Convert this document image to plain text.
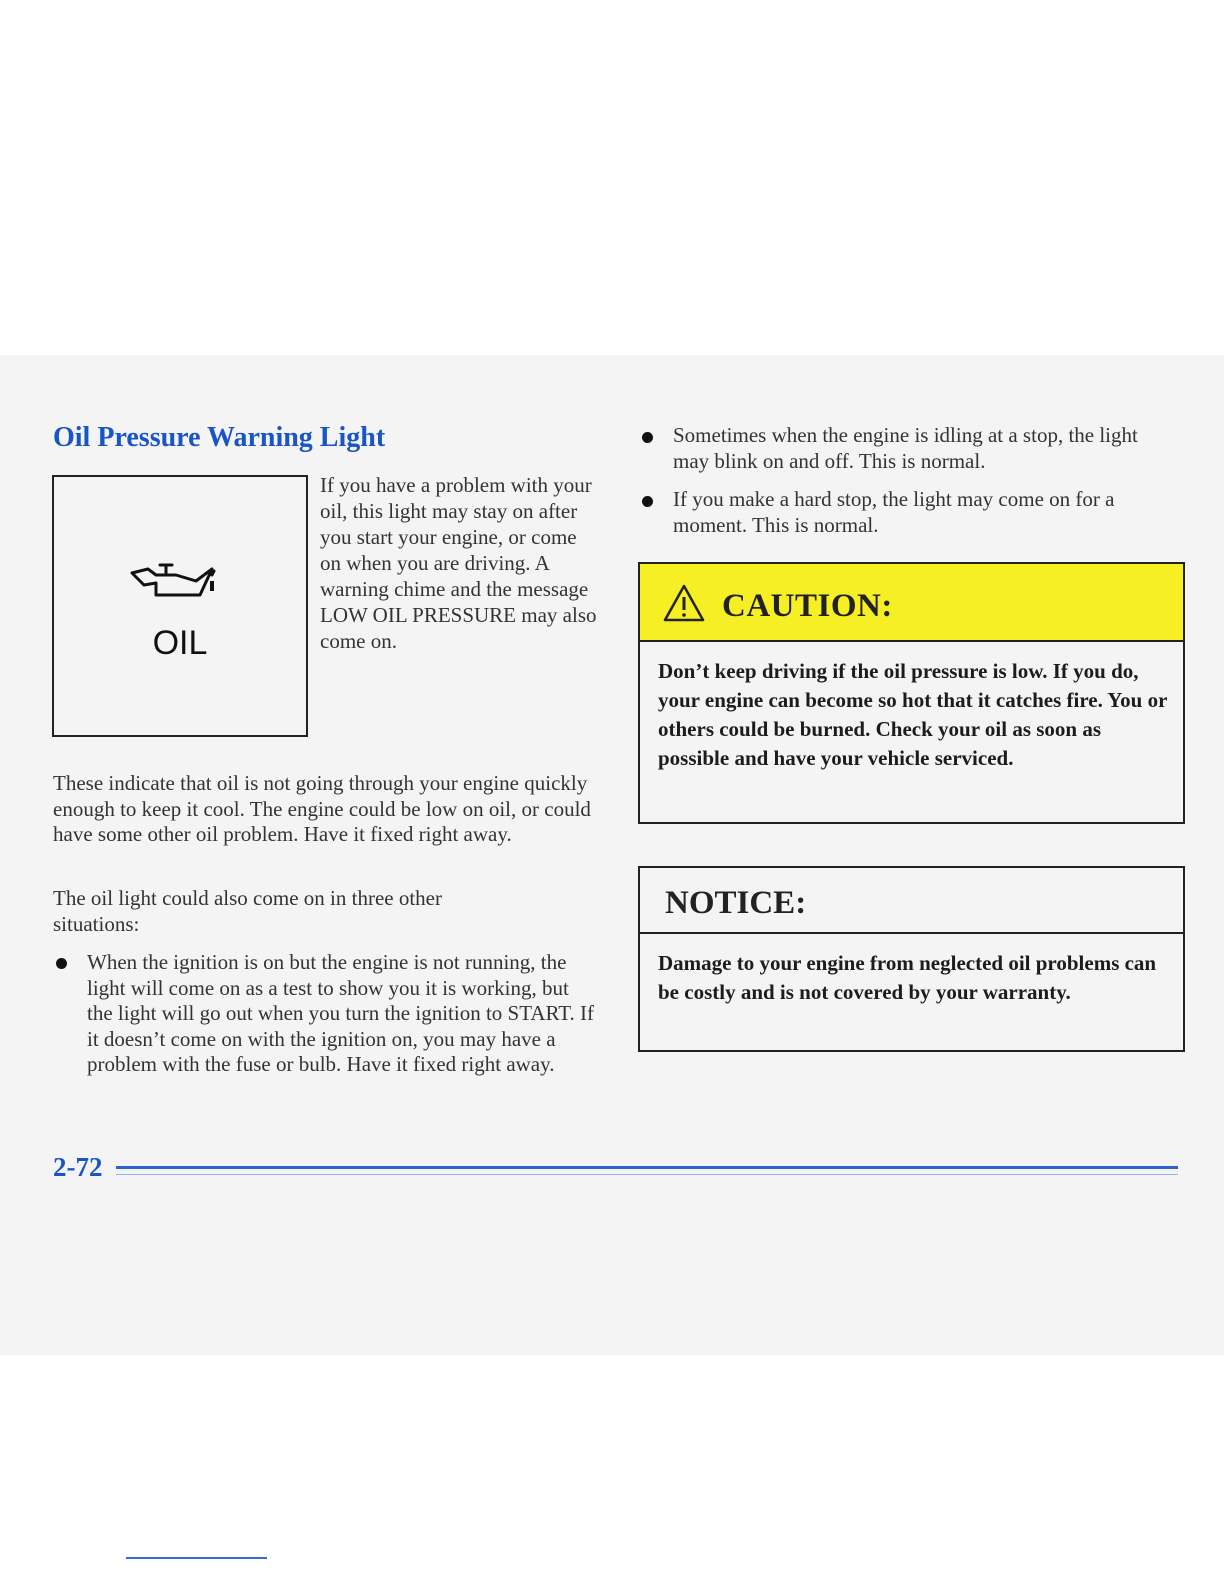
Oil Pressure Warning Light
OIL

If you have a problem with your oil, this light may stay on after you start your engine, or come on when you are driving. A warning chime and the message LOW OIL PRESSURE may also come on.

These indicate that oil is not going through your engine quickly enough to keep it cool. The engine could be low on oil, or could have some other oil problem. Have it fixed right away.

The oil light could also come on in three other situations:

When the ignition is on but the engine is not running, the light will come on as a test to show you it is working, but the light will go out when you turn the ignition to START. If it doesn’t come on with the ignition on, you may have a problem with the fuse or bulb. Have it fixed right away.

Sometimes when the engine is idling at a stop, the light may blink on and off. This is normal.

If you make a hard stop, the light may come on for a moment. This is normal.

CAUTION:

Don’t keep driving if the oil pressure is low. If you do, your engine can become so hot that it catches fire. You or others could be burned. Check your oil as soon as possible and have your vehicle serviced.

NOTICE:

Damage to your engine from neglected oil problems can be costly and is not covered by your warranty.

2-72
